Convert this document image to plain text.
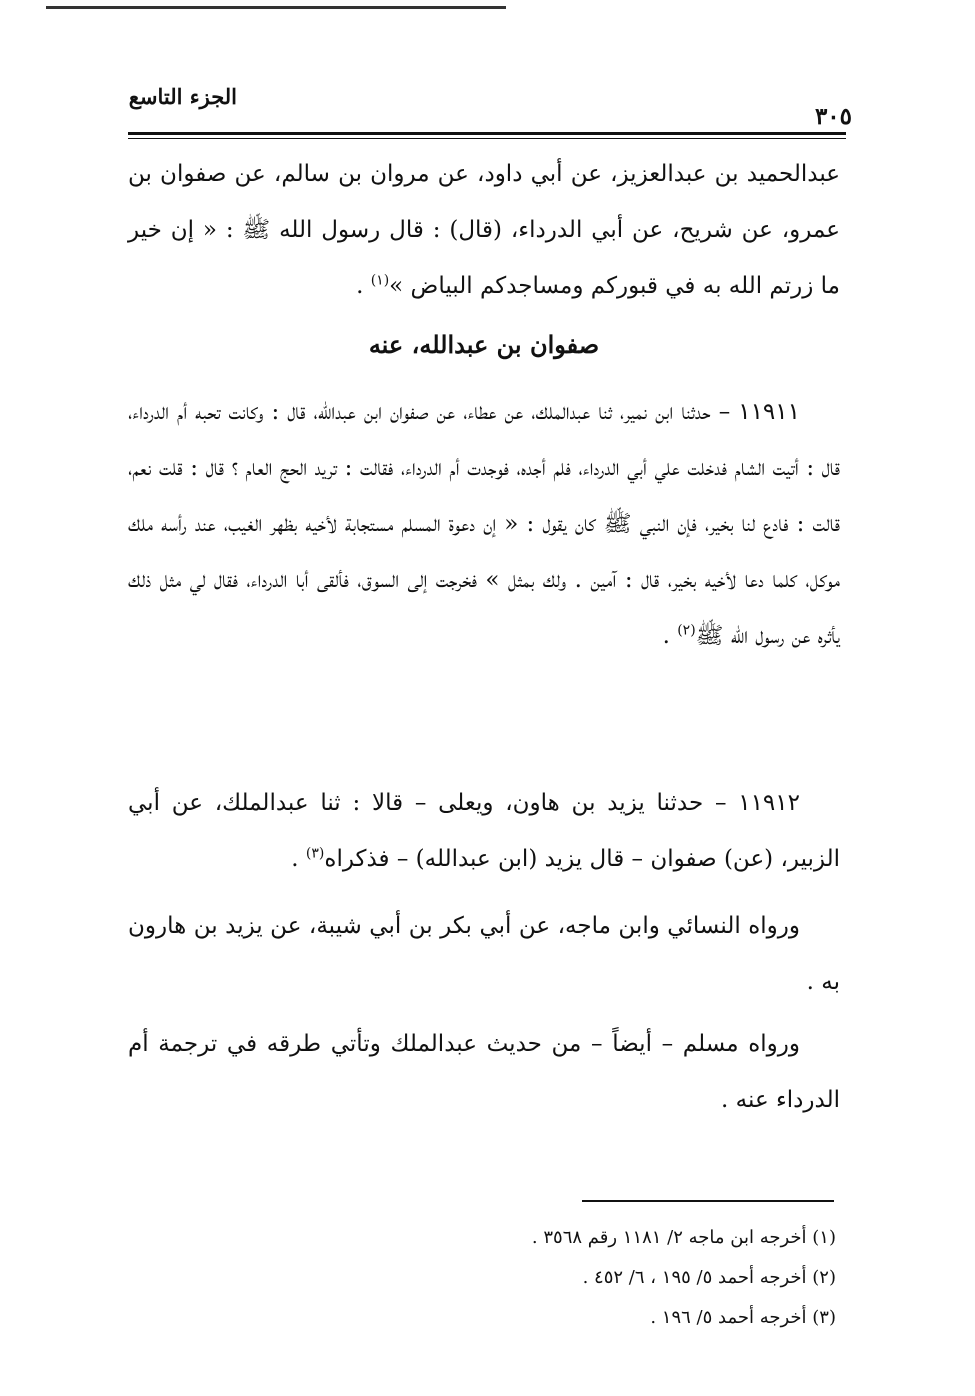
الجزء التاسع
٣٠٥
عبدالحميد بن عبدالعزيز، عن أبي داود، عن مروان بن سالم، عن صفوان بن عمرو، عن شريح، عن أبي الدرداء، (قال) : قال رسول الله ﷺ : « إن خير ما زرتم الله به في قبوركم ومساجدكم البياض »$^{(١)}$ .
صفوان بن عبدالله، عنه
١١٩١١ – حدثنا ابن نمير، ثنا عبدالملك، عن عطاء، عن صفوان ابن عبدالله، قال : وكانت تحبه أم الدرداء، قال : أتيت الشام فدخلت علي أبي الدرداء، فلم أجده، فوجدت أم الدرداء، فقالت : تريد الحج العام ؟ قال : قلت نعم، قالت : فادع لنا بخير، فإن النبي ﷺ كان يقول : « إن دعوة المسلم مستجابة لأخيه بظهر الغيب، عند رأسه ملك موكل، كلما دعا لأخيه بخير، قال : آمين . ولك بمثل » فخرجت إلى السوق، فألقى أبا الدرداء، فقال لي مثل ذلك يأثره عن رسول الله ﷺ$^{(٢)}$ .
١١٩١٢ – حدثنا يزيد بن هاون، ويعلى – قالا : ثنا عبدالملك، عن أبي الزبير، (عن) صفوان – قال يزيد (ابن عبدالله) – فذكراه$^{(٣)}$ .
ورواه النسائي وابن ماجه، عن أبي بكر بن أبي شيبة، عن يزيد بن هارون به .
ورواه مسلم – أيضاً – من حديث عبدالملك وتأتي طرقه في ترجمة أم الدرداء عنه .
(١) أخرجه ابن ماجه ٢/ ١١٨١ رقم ٣٥٦٨ .
(٢) أخرجه أحمد ٥/ ١٩٥ ، ٦/ ٤٥٢ .
(٣) أخرجه أحمد ٥/ ١٩٦ .
